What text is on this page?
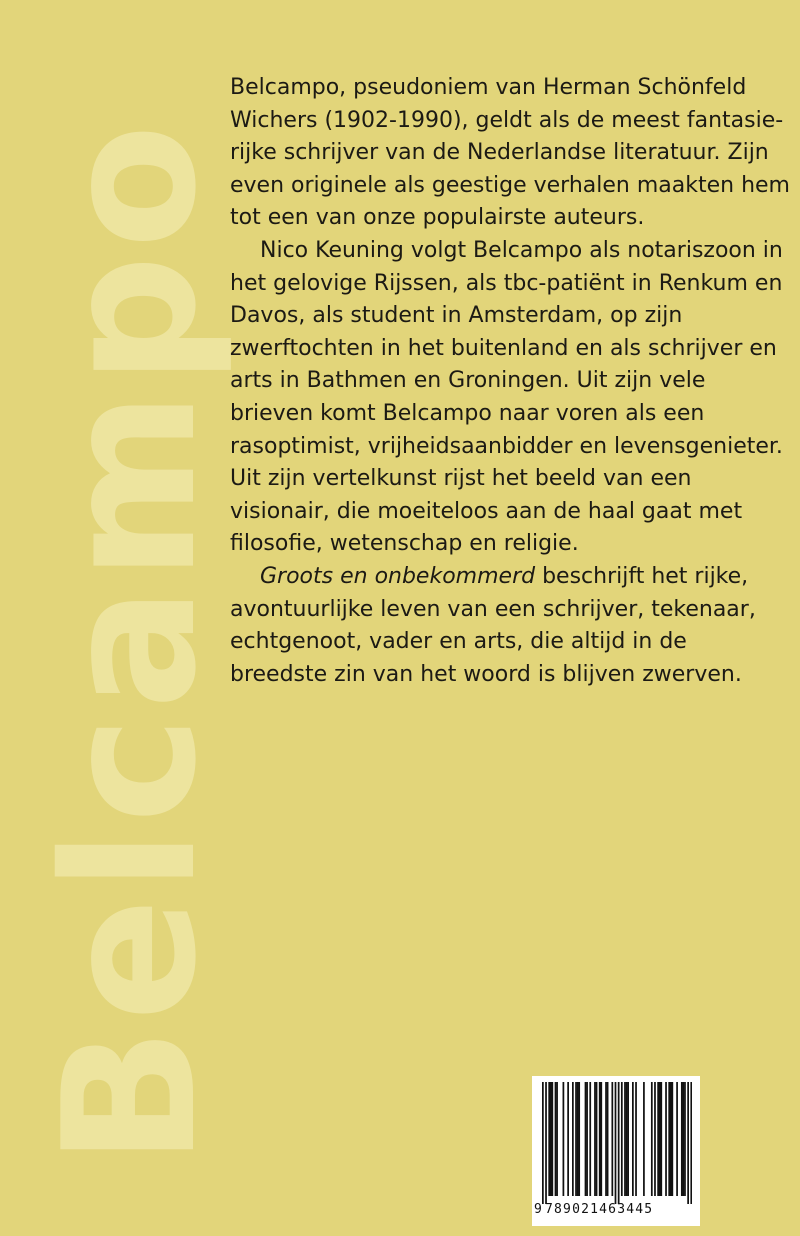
Belcampo

Belcampo, pseudoniem van Herman Schönfeld Wichers (1902-1990), geldt als de meest fantasierijke schrijver van de Nederlandse literatuur. Zijn even originele als geestige verhalen maakten hem tot een van onze populairste auteurs.

Nico Keuning volgt Belcampo als notariszoon in het gelovige Rijssen, als tbc-patiënt in Renkum en Davos, als student in Amsterdam, op zijn zwerftochten in het buitenland en als schrijver en arts in Bathmen en Groningen. Uit zijn vele brieven komt Belcampo naar voren als een rasoptimist, vrijheidsaanbidder en levensgenieter. Uit zijn vertelkunst rijst het beeld van een visionair, die moeiteloos aan de haal gaat met filosofie, wetenschap en religie.

Groots en onbekommerd beschrijft het rijke, avontuurlijke leven van een schrijver, tekenaar, echtgenoot, vader en arts, die altijd in de breedste zin van het woord is blijven zwerven.

9 789021463445
